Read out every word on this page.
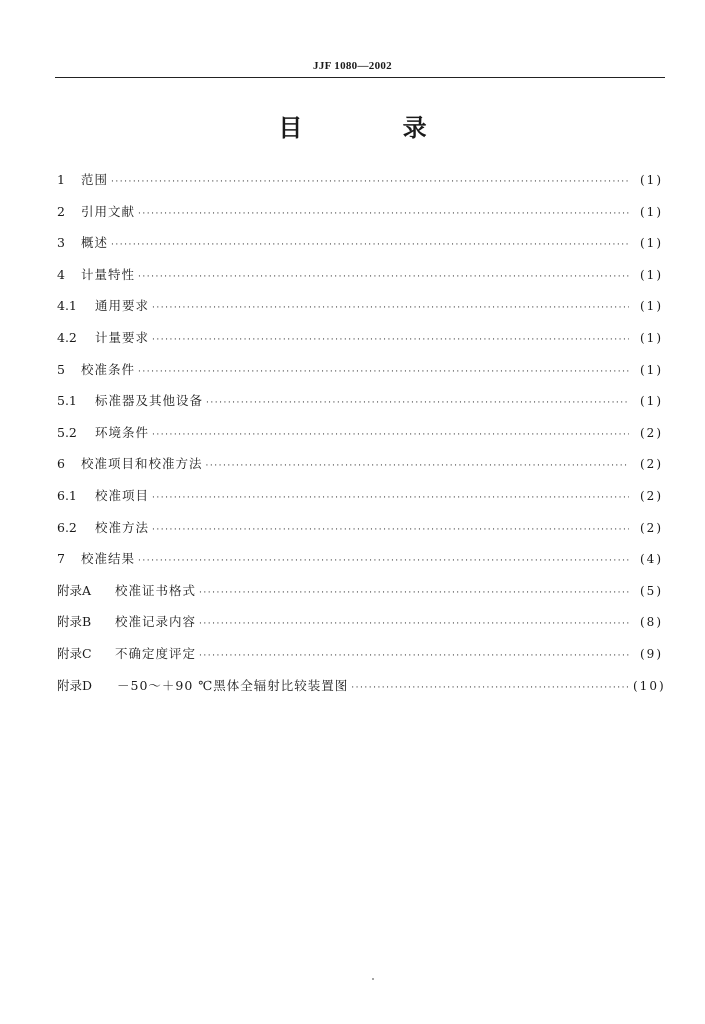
JJF 1080—2002
目 录
1	范围 ·····	(1)
2	引用文献 ·····	(1)
3	概述 ·····	(1)
4	计量特性 ·····	(1)
4.1	通用要求 ·····	(1)
4.2	计量要求 ·····	(1)
5	校准条件 ·····	(1)
5.1	标准器及其他设备 ·····	(1)
5.2	环境条件 ·····	(2)
6	校准项目和校准方法 ·····	(2)
6.1	校准项目 ·····	(2)
6.2	校准方法 ·····	(2)
7	校准结果 ·····	(4)
附录A	校准证书格式 ·····	(5)
附录B	校准记录内容 ·····	(8)
附录C	不确定度评定 ·····	(9)
附录D	－50～＋90 ℃黑体全辐射比较装置图 ·····	(10)
